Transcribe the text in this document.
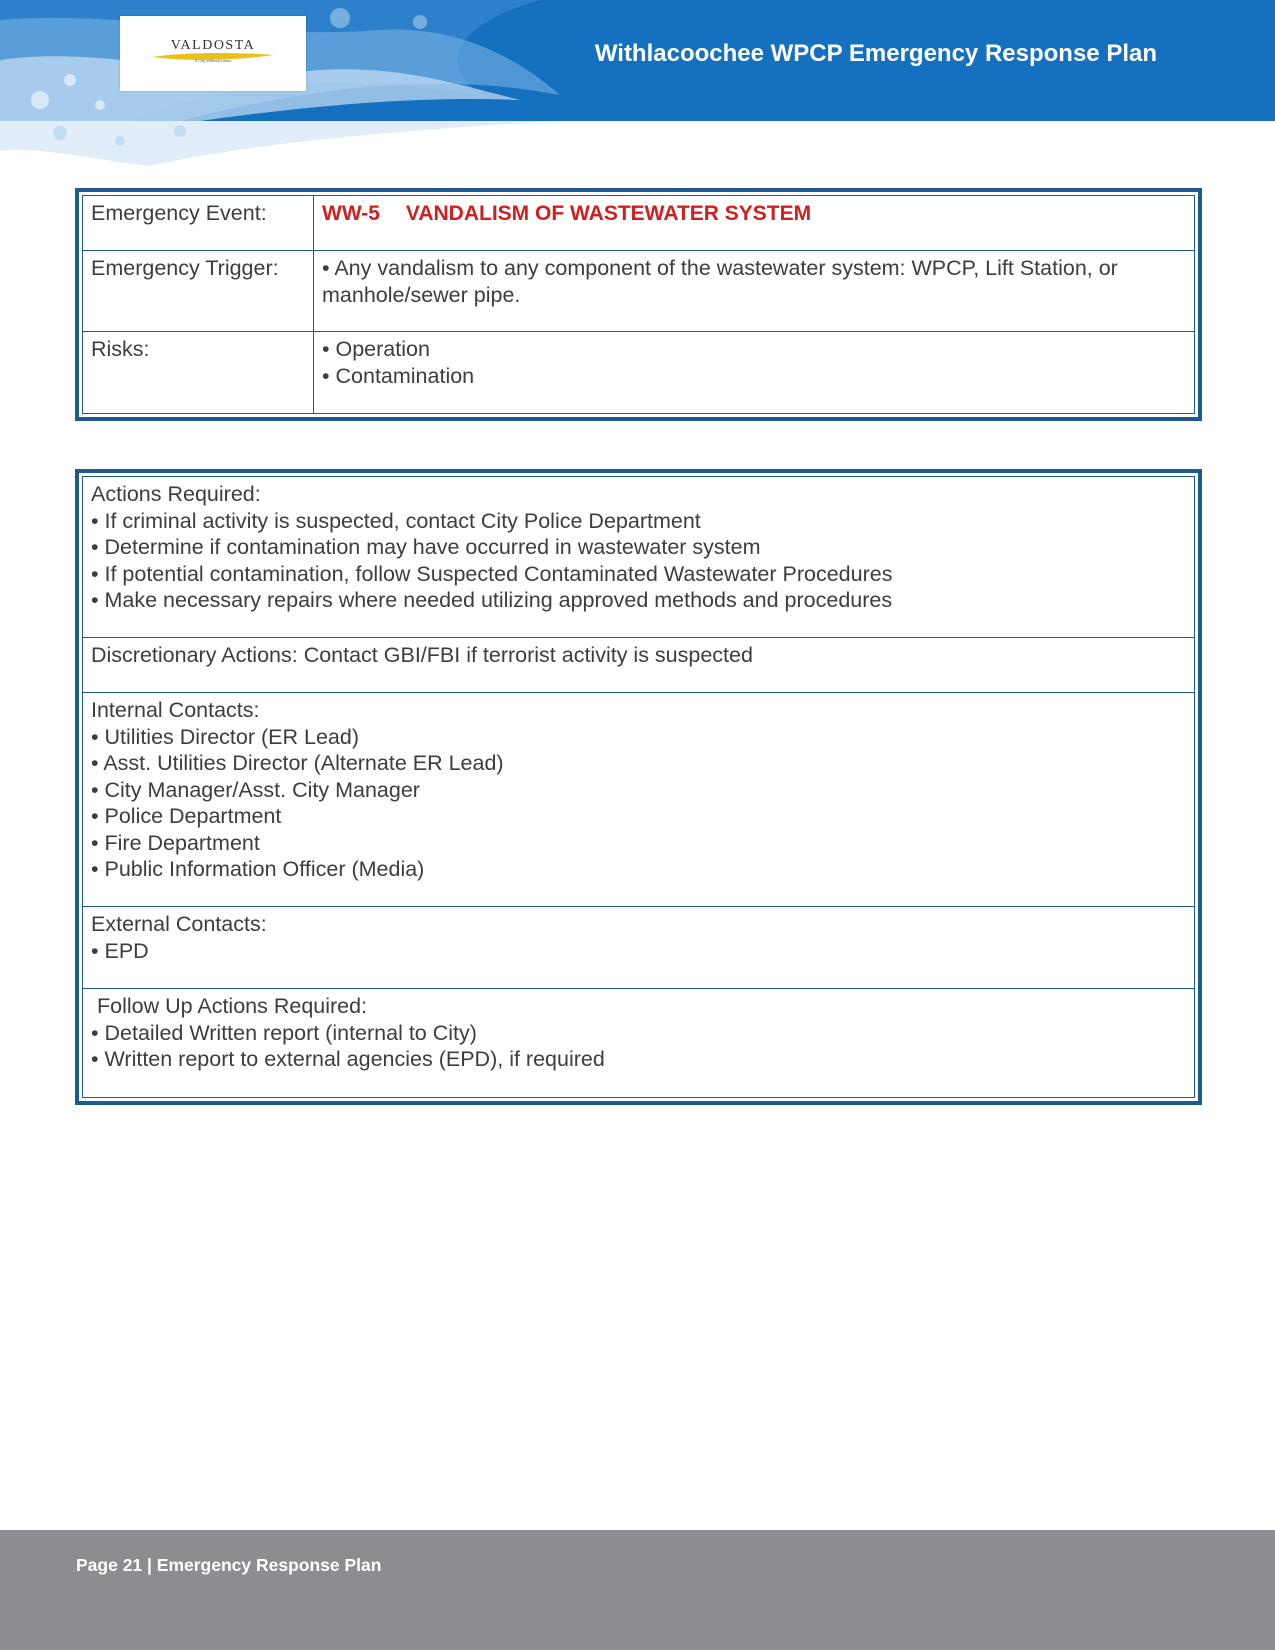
VALDOSTA
A City Without Limits	Withlacoochee WPCP Emergency Response Plan
Emergency Event:	WW-5 VANDALISM OF WASTEWATER SYSTEM
Emergency Trigger:	• Any vandalism to any component of the wastewater system: WPCP, Lift Station, or
manhole/sewer pipe.

Risks:	• Operation
• Contamination
Actions Required:
• If criminal activity is suspected, contact City Police Department
• Determine if contamination may have occurred in wastewater system
• If potential contamination, follow Suspected Contaminated Wastewater Procedures
• Make necessary repairs where needed utilizing approved methods and procedures

Discretionary Actions: Contact GBI/FBI if terrorist activity is suspected

Internal Contacts:
• Utilities Director (ER Lead)
• Asst. Utilities Director (Alternate ER Lead)
• City Manager/Asst. City Manager
• Police Department
• Fire Department
• Public Information Officer (Media)

External Contacts:
• EPD

Follow Up Actions Required:
• Detailed Written report (internal to City)
• Written report to external agencies (EPD), if required
Page 21 | Emergency Response Plan
